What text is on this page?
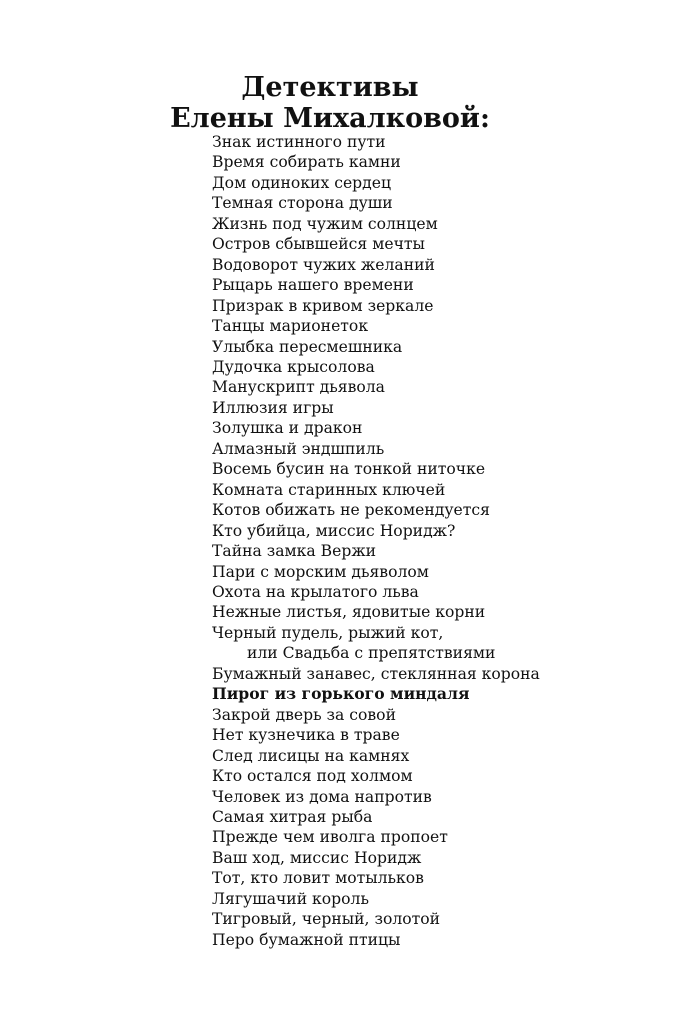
Детективы
Елены Михалковой:
Знак истинного пути
Время собирать камни
Дом одиноких сердец
Темная сторона души
Жизнь под чужим солнцем
Остров сбывшейся мечты
Водоворот чужих желаний
Рыцарь нашего времени
Призрак в кривом зеркале
Танцы марионеток
Улыбка пересмешника
Дудочка крысолова
Манускрипт дьявола
Иллюзия игры
Золушка и дракон
Алмазный эндшпиль
Восемь бусин на тонкой ниточке
Комната старинных ключей
Котов обижать не рекомендуется
Кто убийца, миссис Норидж?
Тайна замка Вержи
Пари с морским дьяволом
Охота на крылатого льва
Нежные листья, ядовитые корни
Черный пудель, рыжий кот,
или Свадьба с препятствиями
Бумажный занавес, стеклянная корона
Пирог из горького миндаля
Закрой дверь за совой
Нет кузнечика в траве
След лисицы на камнях
Кто остался под холмом
Человек из дома напротив
Самая хитрая рыба
Прежде чем иволга пропоет
Ваш ход, миссис Норидж
Тот, кто ловит мотыльков
Лягушачий король
Тигровый, черный, золотой
Перо бумажной птицы
